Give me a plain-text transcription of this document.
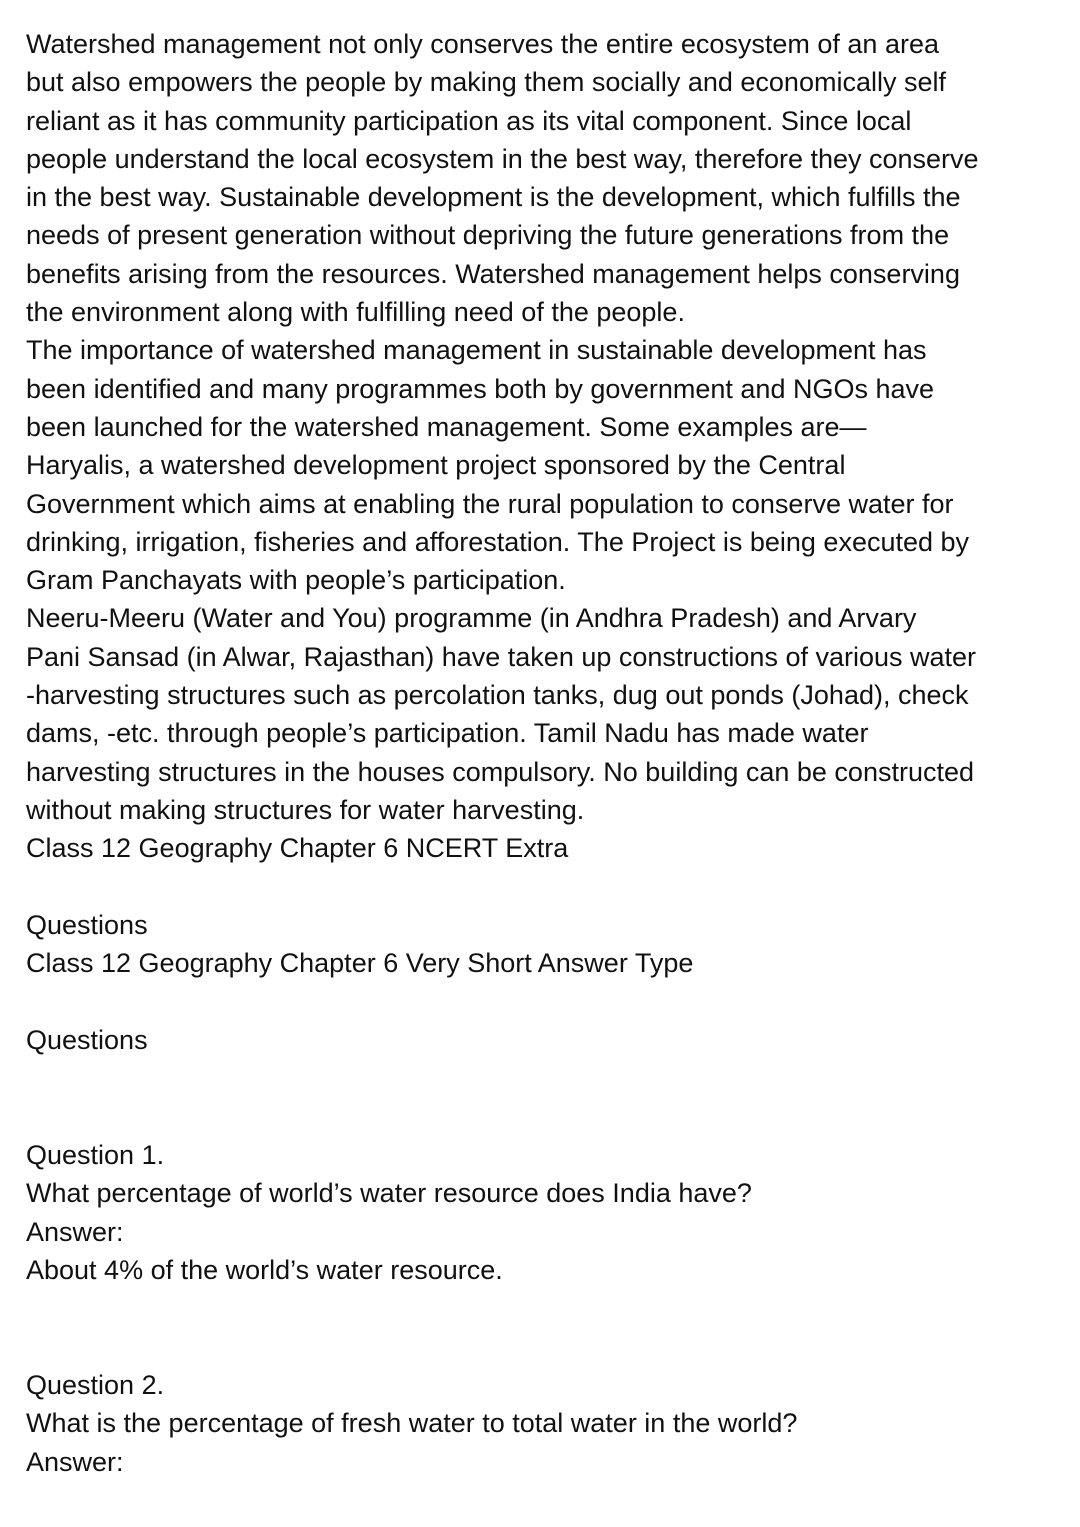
Watershed management not only conserves the entire ecosystem of an area
but also empowers the people by making them socially and economically self
reliant as it has community participation as its vital component. Since local
people understand the local ecosystem in the best way, therefore they conserve
in the best way. Sustainable development is the development, which fulfills the
needs of present generation without depriving the future generations from the
benefits arising from the resources. Watershed management helps conserving
the environment along with fulfilling need of the people.
The importance of watershed management in sustainable development has
been identified and many programmes both by government and NGOs have
been launched for the watershed management. Some examples are—
Haryalis, a watershed development project sponsored by the Central
Government which aims at enabling the rural population to conserve water for
drinking, irrigation, fisheries and afforestation. The Project is being executed by
Gram Panchayats with people’s participation.
Neeru-Meeru (Water and You) programme (in Andhra Pradesh) and Arvary
Pani Sansad (in Alwar, Rajasthan) have taken up constructions of various water
-harvesting structures such as percolation tanks, dug out ponds (Johad), check
dams, -etc. through people’s participation. Tamil Nadu has made water
harvesting structures in the houses compulsory. No building can be constructed
without making structures for water harvesting.
Class 12 Geography Chapter 6 NCERT Extra
Questions
Class 12 Geography Chapter 6 Very Short Answer Type
Questions
Question 1.
What percentage of world’s water resource does India have?
Answer:
About 4% of the world’s water resource.
Question 2.
What is the percentage of fresh water to total water in the world?
Answer:
